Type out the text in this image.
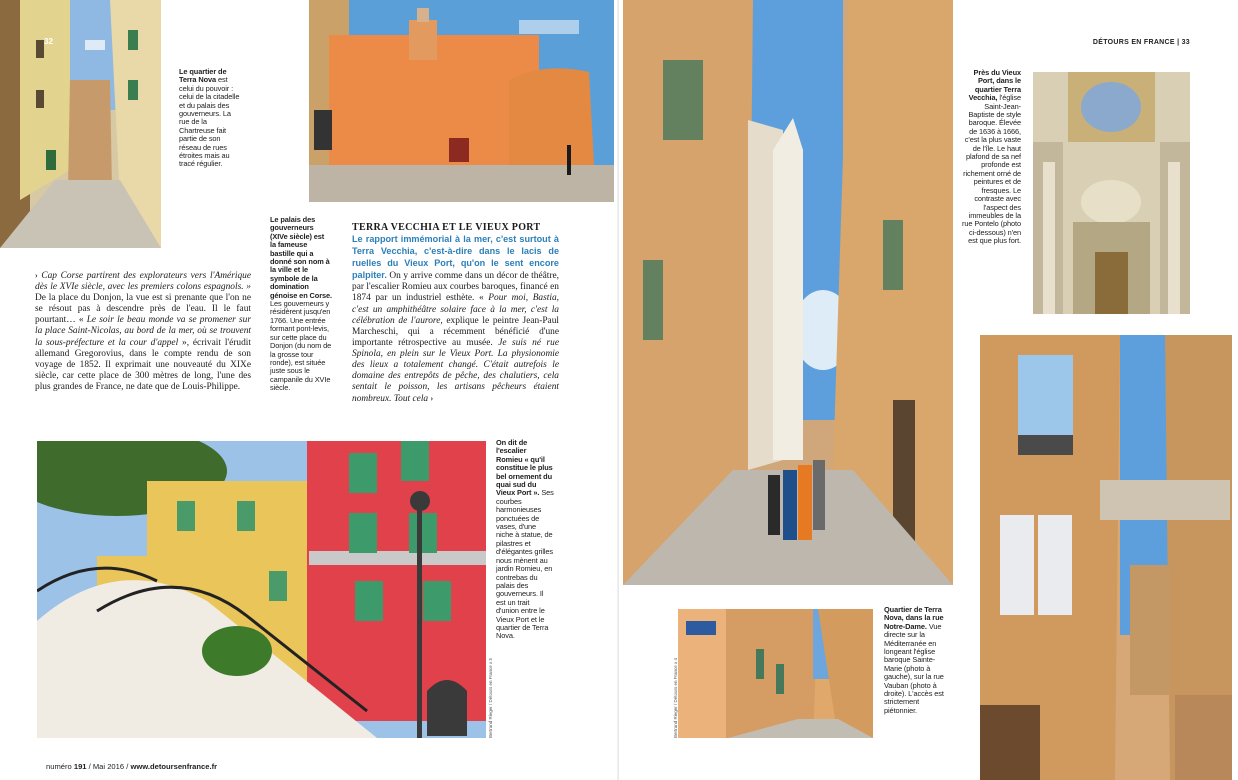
32
Le quartier de Terra Nova est celui du pouvoir : celui de la citadelle et du palais des gouverneurs. La rue de la Chartreuse fait partie de son réseau de rues étroites mais au tracé régulier.
Le palais des gouverneurs (XIVe siècle) est la fameuse bastille qui a donné son nom à la ville et le symbole de la domination génoise en Corse. Les gouverneurs y résidèrent jusqu'en 1766. Une entrée formant pont-levis, sur cette place du Donjon (du nom de la grosse tour ronde), est située juste sous le campanile du XVIe siècle.
› Cap Corse partirent des explorateurs vers l'Amérique dès le XVIe siècle, avec les premiers colons espagnols. » De la place du Donjon, la vue est si prenante que l'on ne se résout pas à descendre près de l'eau. Il le faut pourtant… « Le soir le beau monde va se promener sur la place Saint-Nicolas, au bord de la mer, où se trouvent la sous-préfecture et la cour d'appel », écrivait l'érudit allemand Gregorovius, dans le compte rendu de son voyage de 1852. Il exprimait une nouveauté du XIXe siècle, car cette place de 300 mètres de long, l'une des plus grandes de France, ne date que de Louis-Philippe.
TERRA VECCHIA ET LE VIEUX PORT
Le rapport immémorial à la mer, c'est surtout à Terra Vecchia, c'est-à-dire dans le lacis de ruelles du Vieux Port, qu'on le sent encore palpiter. On y arrive comme dans un décor de théâtre, par l'escalier Romieu aux courbes baroques, financé en 1874 par un industriel esthète. « Pour moi, Bastia, c'est un amphithéâtre solaire face à la mer, c'est la célébration de l'aurore, explique le peintre Jean-Paul Marcheschi, qui a récemment bénéficié d'une importante rétrospective au musée. Je suis né rue Spinola, en plein sur le Vieux Port. La physionomie des lieux a totalement changé. C'était autrefois le domaine des entrepôts de pêche, des chalutiers, cela sentait le poisson, les artisans pêcheurs étaient nombreux. Tout cela ›
On dit de l'escalier Romieu « qu'il constitue le plus bel ornement du quai sud du Vieux Port ». Ses courbes harmonieuses ponctuées de vases, d'une niche à statue, de pilastres et d'élégantes grilles nous mènent au jardin Romieu, en contrebas du palais des gouverneurs. Il est un trait d'union entre le Vieux Port et le quartier de Terra Nova.
Bertrand Rieger / Détours en France x 5
numéro 191 / Mai 2016 / www.detoursenfrance.fr
DÉTOURS EN FRANCE | 33
Près du Vieux Port, dans le quartier Terra Vecchia, l'église Saint-Jean-Baptiste de style baroque. Élevée de 1636 à 1666, c'est la plus vaste de l'île. Le haut plafond de sa nef profonde est richement orné de peintures et de fresques. Le contraste avec l'aspect des immeubles de la rue Pontelo (photo ci-dessous) n'en est que plus fort.
Bertrand Rieger / Détours en France x 4
Quartier de Terra Nova, dans la rue Notre-Dame. Vue directe sur la Méditerranée en longeant l'église baroque Sainte-Marie (photo à gauche), sur la rue Vauban (photo à droite). L'accès est strictement piétonnier.
